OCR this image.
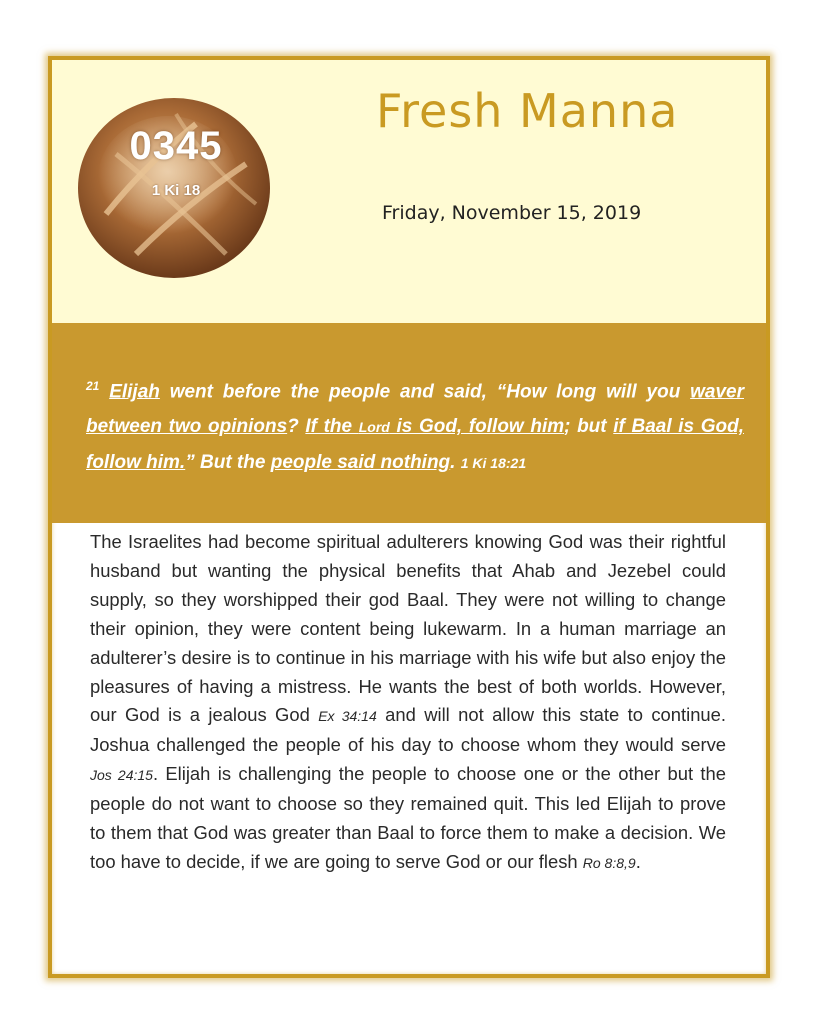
0345
1 Ki 18
Fresh Manna
Friday, November 15, 2019
$^{21}$ Elijah went before the people and said, “How long will you waver between two opinions? If the Lord is God, follow him; but if Baal is God, follow him.” But the people said nothing. 1 Ki 18:21
The Israelites had become spiritual adulterers knowing God was their rightful husband but wanting the physical benefits that Ahab and Jezebel could supply, so they worshipped their god Baal. They were not willing to change their opinion, they were content being lukewarm. In a human marriage an adulterer’s desire is to continue in his marriage with his wife but also enjoy the pleasures of having a mistress. He wants the best of both worlds. However, our God is a jealous God Ex 34:14 and will not allow this state to continue. Joshua challenged the people of his day to choose whom they would serve Jos 24:15. Elijah is challenging the people to choose one or the other but the people do not want to choose so they remained quit. This led Elijah to prove to them that God was greater than Baal to force them to make a decision. We too have to decide, if we are going to serve God or our flesh Ro 8:8,9.
